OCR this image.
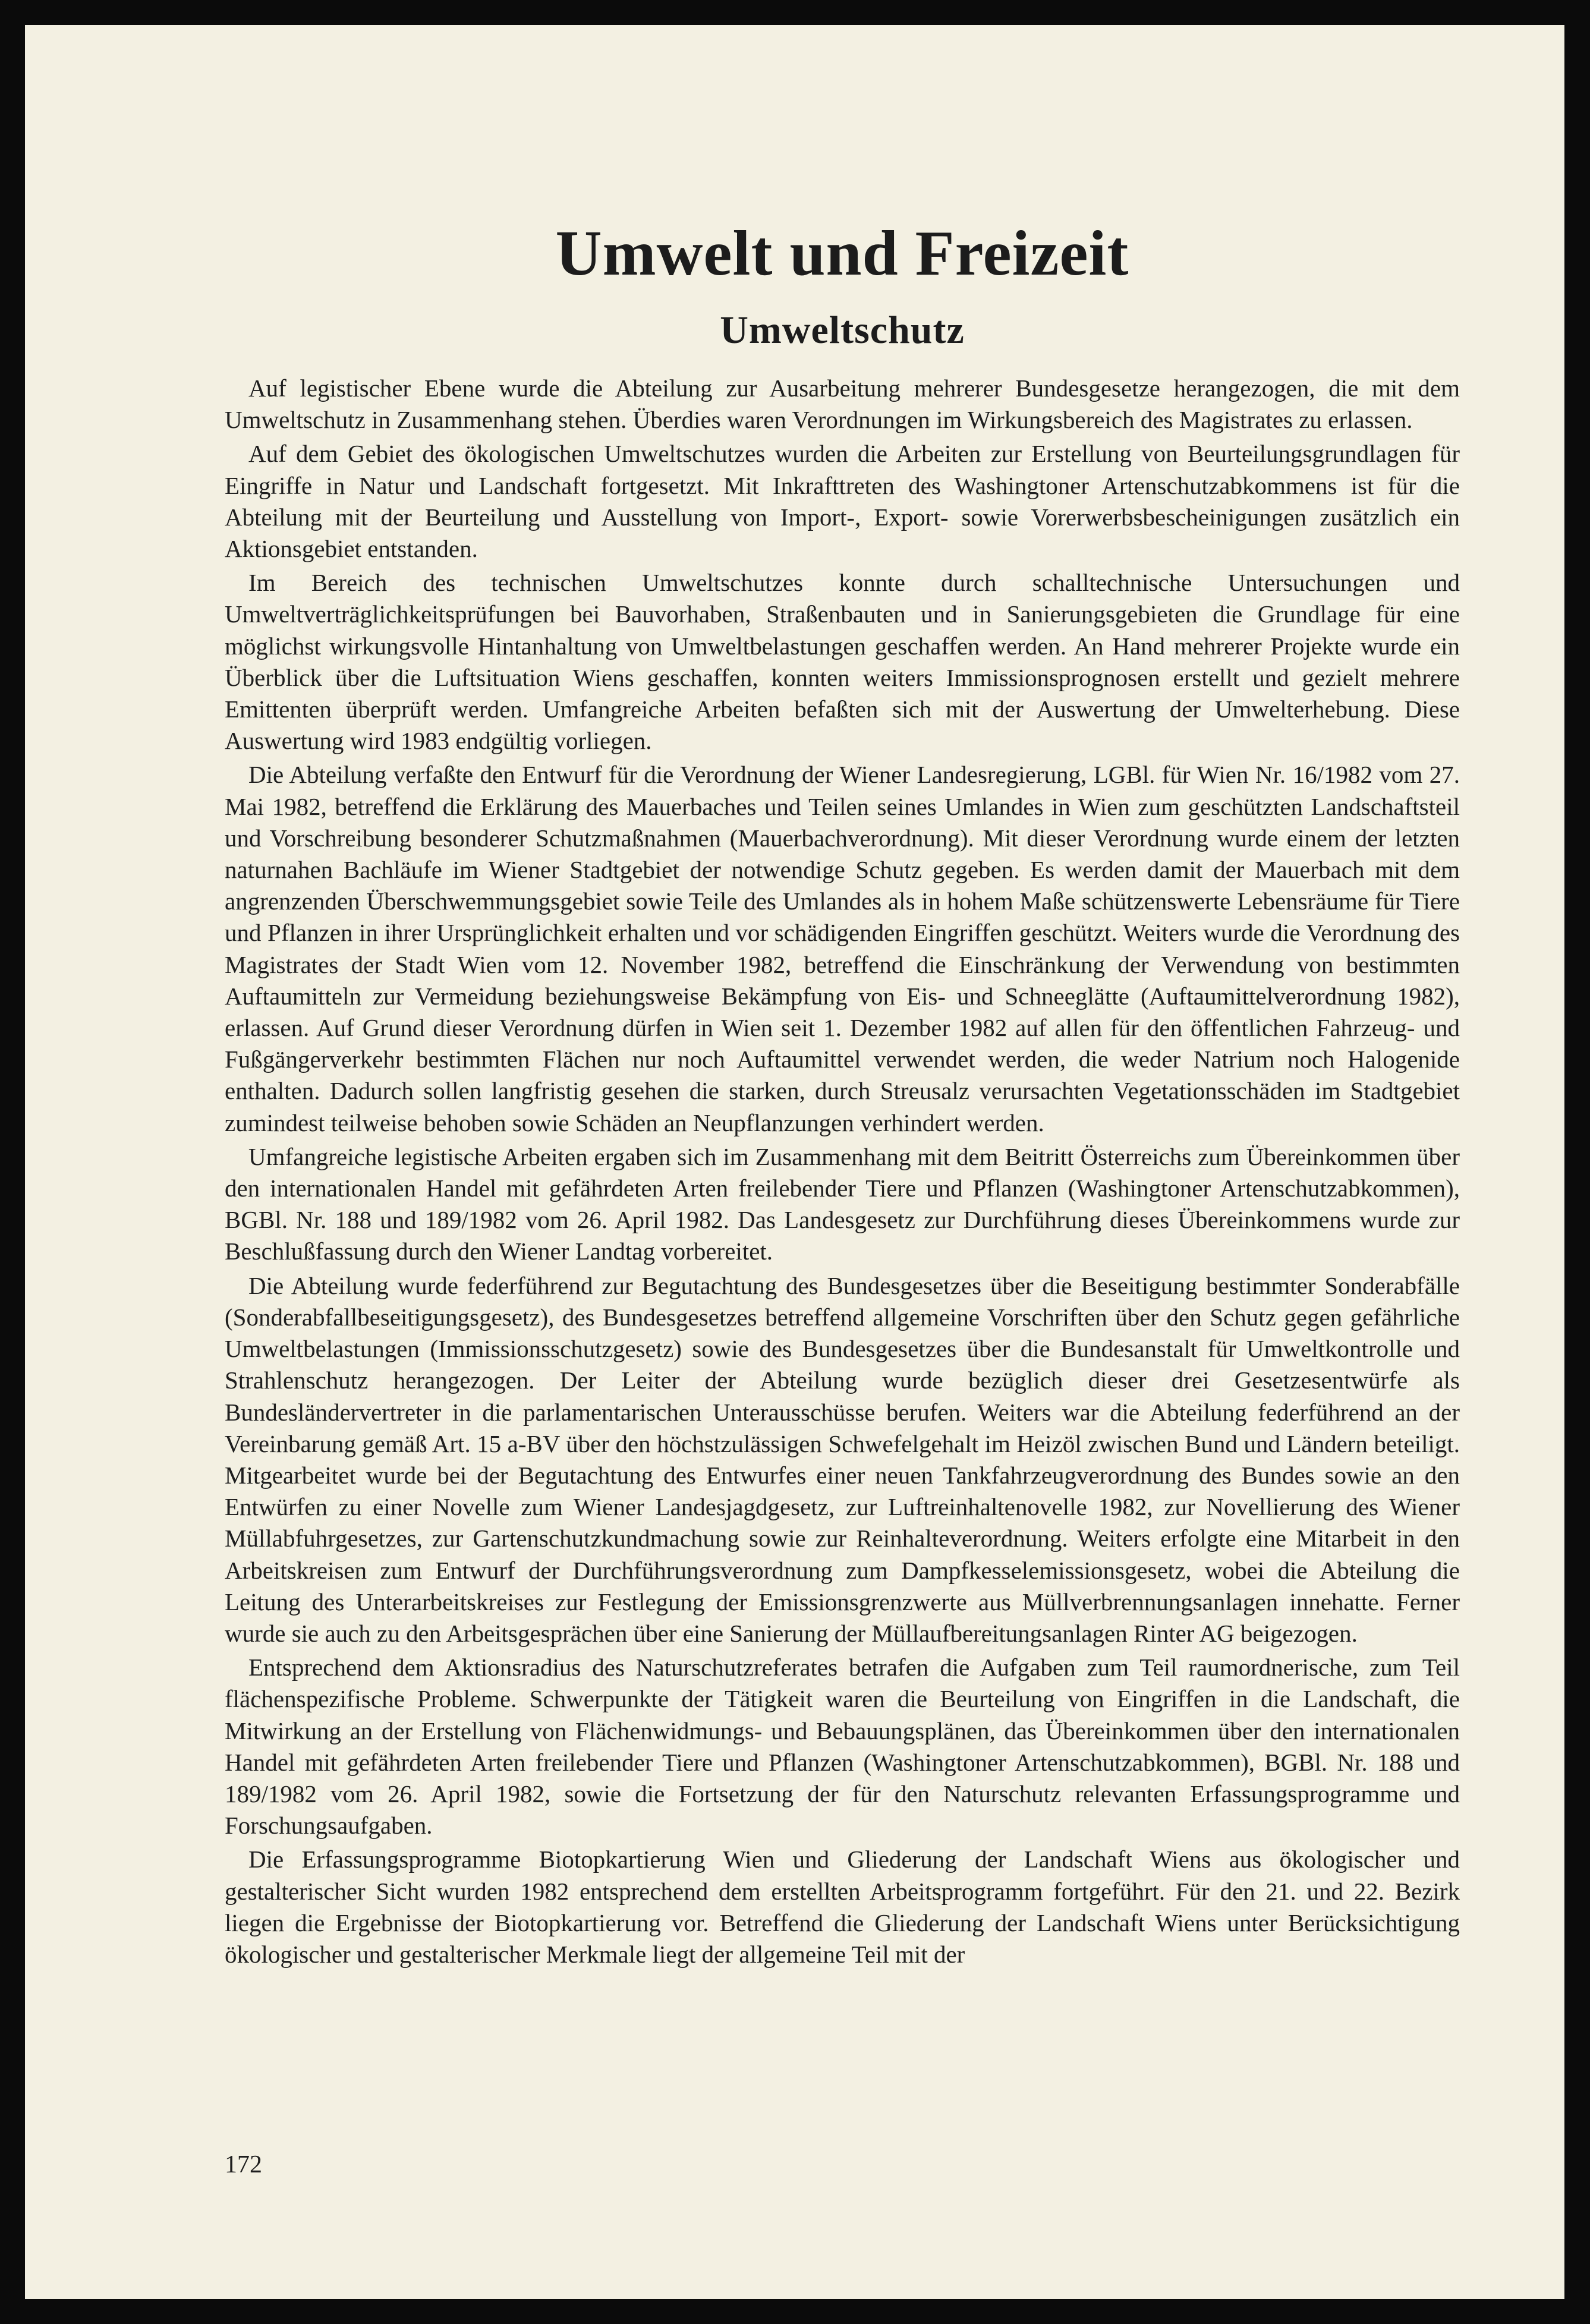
Umwelt und Freizeit
Umweltschutz

Auf legistischer Ebene wurde die Abteilung zur Ausarbeitung mehrerer Bundesgesetze herangezogen, die mit dem Umweltschutz in Zusammenhang stehen. Überdies waren Verordnungen im Wirkungsbereich des Magistrates zu erlassen.

Auf dem Gebiet des ökologischen Umweltschutzes wurden die Arbeiten zur Erstellung von Beurteilungsgrundlagen für Eingriffe in Natur und Landschaft fortgesetzt. Mit Inkrafttreten des Washingtoner Artenschutzabkommens ist für die Abteilung mit der Beurteilung und Ausstellung von Import-, Export- sowie Vorerwerbsbescheinigungen zusätzlich ein Aktionsgebiet entstanden.

Im Bereich des technischen Umweltschutzes konnte durch schalltechnische Untersuchungen und Umweltverträglichkeitsprüfungen bei Bauvorhaben, Straßenbauten und in Sanierungsgebieten die Grundlage für eine möglichst wirkungsvolle Hintanhaltung von Umweltbelastungen geschaffen werden. An Hand mehrerer Projekte wurde ein Überblick über die Luftsituation Wiens geschaffen, konnten weiters Immissionsprognosen erstellt und gezielt mehrere Emittenten überprüft werden. Umfangreiche Arbeiten befaßten sich mit der Auswertung der Umwelterhebung. Diese Auswertung wird 1983 endgültig vorliegen.

Die Abteilung verfaßte den Entwurf für die Verordnung der Wiener Landesregierung, LGBl. für Wien Nr. 16/1982 vom 27. Mai 1982, betreffend die Erklärung des Mauerbaches und Teilen seines Umlandes in Wien zum geschützten Landschaftsteil und Vorschreibung besonderer Schutzmaßnahmen (Mauerbachverordnung). Mit dieser Verordnung wurde einem der letzten naturnahen Bachläufe im Wiener Stadtgebiet der notwendige Schutz gegeben. Es werden damit der Mauerbach mit dem angrenzenden Überschwemmungsgebiet sowie Teile des Umlandes als in hohem Maße schützenswerte Lebensräume für Tiere und Pflanzen in ihrer Ursprünglichkeit erhalten und vor schädigenden Eingriffen geschützt. Weiters wurde die Verordnung des Magistrates der Stadt Wien vom 12. November 1982, betreffend die Einschränkung der Verwendung von bestimmten Auftaumitteln zur Vermeidung beziehungsweise Bekämpfung von Eis- und Schneeglätte (Auftaumittelverordnung 1982), erlassen. Auf Grund dieser Verordnung dürfen in Wien seit 1. Dezember 1982 auf allen für den öffentlichen Fahrzeug- und Fußgängerverkehr bestimmten Flächen nur noch Auftaumittel verwendet werden, die weder Natrium noch Halogenide enthalten. Dadurch sollen langfristig gesehen die starken, durch Streusalz verursachten Vegetationsschäden im Stadtgebiet zumindest teilweise behoben sowie Schäden an Neupflanzungen verhindert werden.

Umfangreiche legistische Arbeiten ergaben sich im Zusammenhang mit dem Beitritt Österreichs zum Übereinkommen über den internationalen Handel mit gefährdeten Arten freilebender Tiere und Pflanzen (Washingtoner Artenschutzabkommen), BGBl. Nr. 188 und 189/1982 vom 26. April 1982. Das Landesgesetz zur Durchführung dieses Übereinkommens wurde zur Beschlußfassung durch den Wiener Landtag vorbereitet.

Die Abteilung wurde federführend zur Begutachtung des Bundesgesetzes über die Beseitigung bestimmter Sonderabfälle (Sonderabfallbeseitigungsgesetz), des Bundesgesetzes betreffend allgemeine Vorschriften über den Schutz gegen gefährliche Umweltbelastungen (Immissionsschutzgesetz) sowie des Bundesgesetzes über die Bundesanstalt für Umweltkontrolle und Strahlenschutz herangezogen. Der Leiter der Abteilung wurde bezüglich dieser drei Gesetzesentwürfe als Bundesländervertreter in die parlamentarischen Unterausschüsse berufen. Weiters war die Abteilung federführend an der Vereinbarung gemäß Art. 15 a-BV über den höchstzulässigen Schwefelgehalt im Heizöl zwischen Bund und Ländern beteiligt. Mitgearbeitet wurde bei der Begutachtung des Entwurfes einer neuen Tankfahrzeugverordnung des Bundes sowie an den Entwürfen zu einer Novelle zum Wiener Landesjagdgesetz, zur Luftreinhaltenovelle 1982, zur Novellierung des Wiener Müllabfuhrgesetzes, zur Gartenschutzkundmachung sowie zur Reinhalteverordnung. Weiters erfolgte eine Mitarbeit in den Arbeitskreisen zum Entwurf der Durchführungsverordnung zum Dampfkesselemissionsgesetz, wobei die Abteilung die Leitung des Unterarbeitskreises zur Festlegung der Emissionsgrenzwerte aus Müllverbrennungsanlagen innehatte. Ferner wurde sie auch zu den Arbeitsgesprächen über eine Sanierung der Müllaufbereitungsanlagen Rinter AG beigezogen.

Entsprechend dem Aktionsradius des Naturschutzreferates betrafen die Aufgaben zum Teil raumordnerische, zum Teil flächenspezifische Probleme. Schwerpunkte der Tätigkeit waren die Beurteilung von Eingriffen in die Landschaft, die Mitwirkung an der Erstellung von Flächenwidmungs- und Bebauungsplänen, das Übereinkommen über den internationalen Handel mit gefährdeten Arten freilebender Tiere und Pflanzen (Washingtoner Artenschutzabkommen), BGBl. Nr. 188 und 189/1982 vom 26. April 1982, sowie die Fortsetzung der für den Naturschutz relevanten Erfassungsprogramme und Forschungsaufgaben.

Die Erfassungsprogramme Biotopkartierung Wien und Gliederung der Landschaft Wiens aus ökologischer und gestalterischer Sicht wurden 1982 entsprechend dem erstellten Arbeitsprogramm fortgeführt. Für den 21. und 22. Bezirk liegen die Ergebnisse der Biotopkartierung vor. Betreffend die Gliederung der Landschaft Wiens unter Berücksichtigung ökologischer und gestalterischer Merkmale liegt der allgemeine Teil mit der

172
